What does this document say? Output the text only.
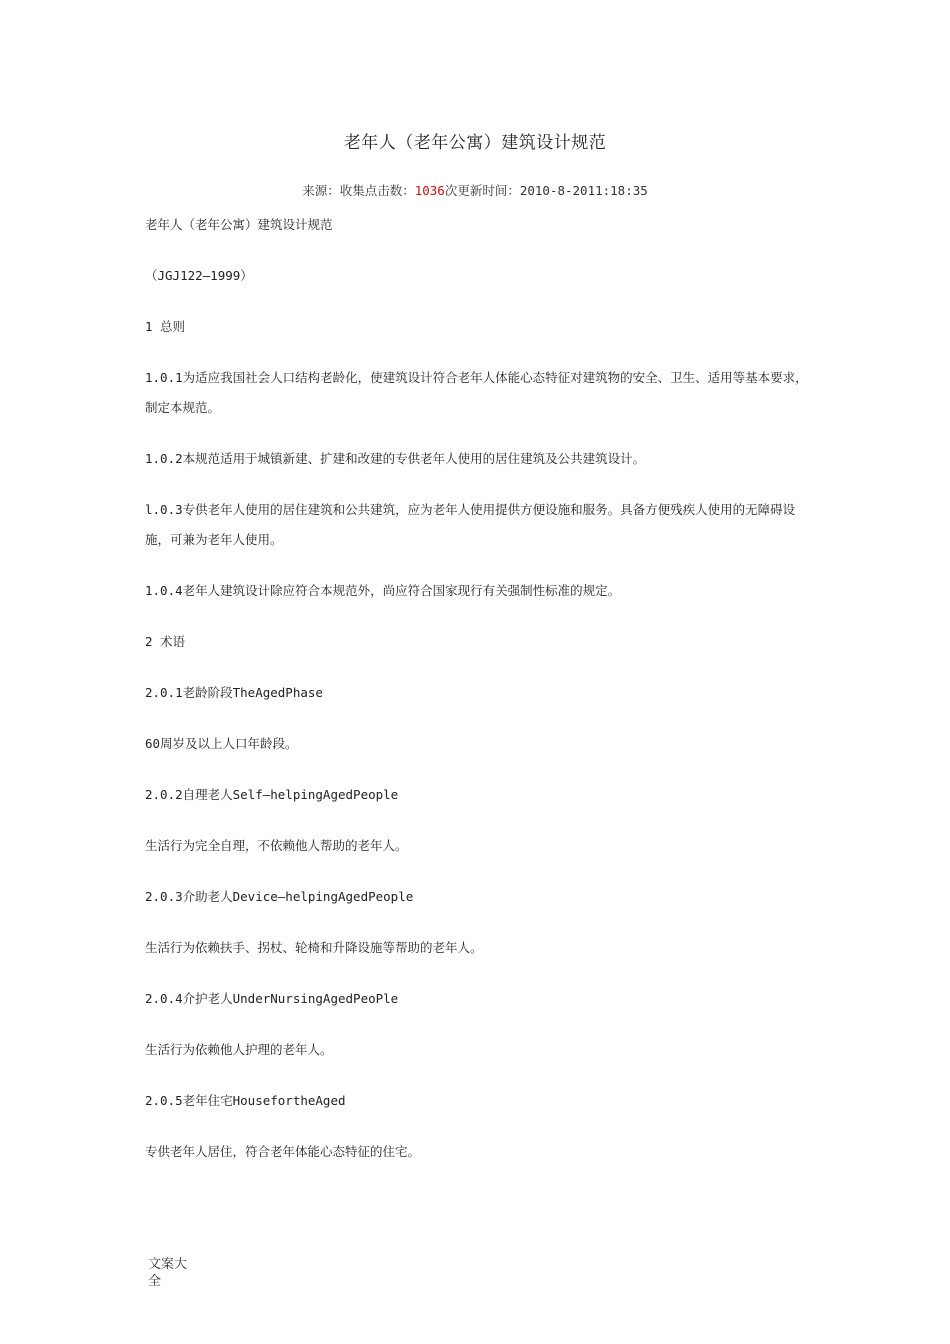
老年人（老年公寓）建筑设计规范
来源：收集点击数：1036次更新时间：2010-8-2011:18:35

老年人（老年公寓）建筑设计规范

（JGJ122—1999）

1 总则

1.0.1为适应我国社会人口结构老龄化，使建筑设计符合老年人体能心态特征对建筑物的安全、卫生、适用等基本要求，制定本规范。

1.0.2本规范适用于城镇新建、扩建和改建的专供老年人使用的居住建筑及公共建筑设计。

l.0.3专供老年人使用的居住建筑和公共建筑，应为老年人使用提供方便设施和服务。具备方便残疾人使用的无障碍设施，可兼为老年人使用。

1.0.4老年人建筑设计除应符合本规范外，尚应符合国家现行有关强制性标准的规定。

2 术语

2.0.1老龄阶段TheAgedPhase

60周岁及以上人口年龄段。

2.0.2自理老人Self—helpingAgedPeople

生活行为完全自理，不依赖他人帮助的老年人。

2.0.3介助老人Device—helpingAgedPeople

生活行为依赖扶手、拐杖、轮椅和升降设施等帮助的老年人。

2.0.4介护老人UnderNursingAgedPeoPle

生活行为依赖他人护理的老年人。

2.0.5老年住宅HousefortheAged

专供老年人居住，符合老年体能心态特征的住宅。

文案大全
